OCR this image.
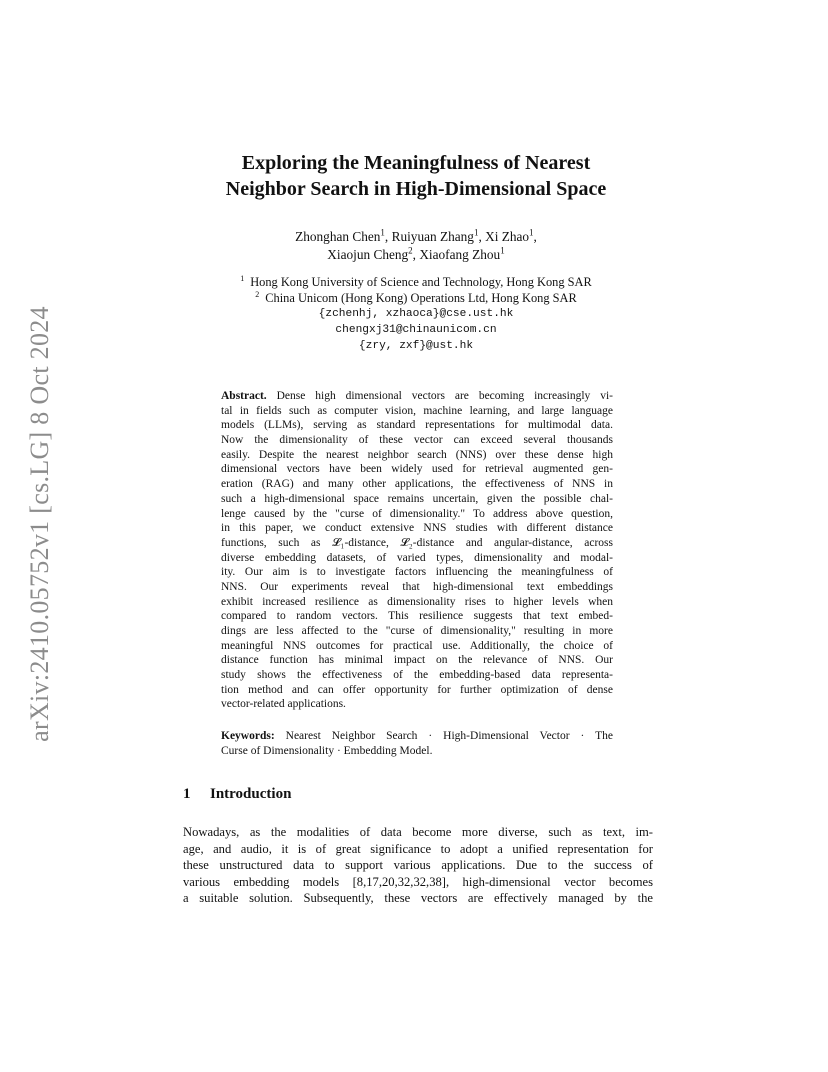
arXiv:2410.05752v1 [cs.LG] 8 Oct 2024
Exploring the Meaningfulness of Nearest
Neighbor Search in High-Dimensional Space
Zhonghan Chen$^1$, Ruiyuan Zhang$^1$, Xi Zhao$^1$,
Xiaojun Cheng$^2$, Xiaofang Zhou$^1$
$^1$ Hong Kong University of Science and Technology, Hong Kong SAR
$^2$ China Unicom (Hong Kong) Operations Ltd, Hong Kong SAR
{zchenhj, xzhaoca}@cse.ust.hk
chengxj31@chinaunicom.cn
{zry, zxf}@ust.hk
Abstract. Dense high dimensional vectors are becoming increasingly vi-
tal in fields such as computer vision, machine learning, and large language
models (LLMs), serving as standard representations for multimodal data.
Now the dimensionality of these vector can exceed several thousands
easily. Despite the nearest neighbor search (NNS) over these dense high
dimensional vectors have been widely used for retrieval augmented gen-
eration (RAG) and many other applications, the effectiveness of NNS in
such a high-dimensional space remains uncertain, given the possible chal-
lenge caused by the "curse of dimensionality." To address above question,
in this paper, we conduct extensive NNS studies with different distance
functions, such as 𝓛₁-distance, 𝓛₂-distance and angular-distance, across
diverse embedding datasets, of varied types, dimensionality and modal-
ity. Our aim is to investigate factors influencing the meaningfulness of
NNS. Our experiments reveal that high-dimensional text embeddings
exhibit increased resilience as dimensionality rises to higher levels when
compared to random vectors. This resilience suggests that text embed-
dings are less affected to the "curse of dimensionality," resulting in more
meaningful NNS outcomes for practical use. Additionally, the choice of
distance function has minimal impact on the relevance of NNS. Our
study shows the effectiveness of the embedding-based data representa-
tion method and can offer opportunity for further optimization of dense
vector-related applications.
Keywords: Nearest Neighbor Search · High-Dimensional Vector · The
Curse of Dimensionality · Embedding Model.
1 Introduction
Nowadays, as the modalities of data become more diverse, such as text, im-
age, and audio, it is of great significance to adopt a unified representation for
these unstructured data to support various applications. Due to the success of
various embedding models [8,17,20,32,32,38], high-dimensional vector becomes
a suitable solution. Subsequently, these vectors are effectively managed by the
